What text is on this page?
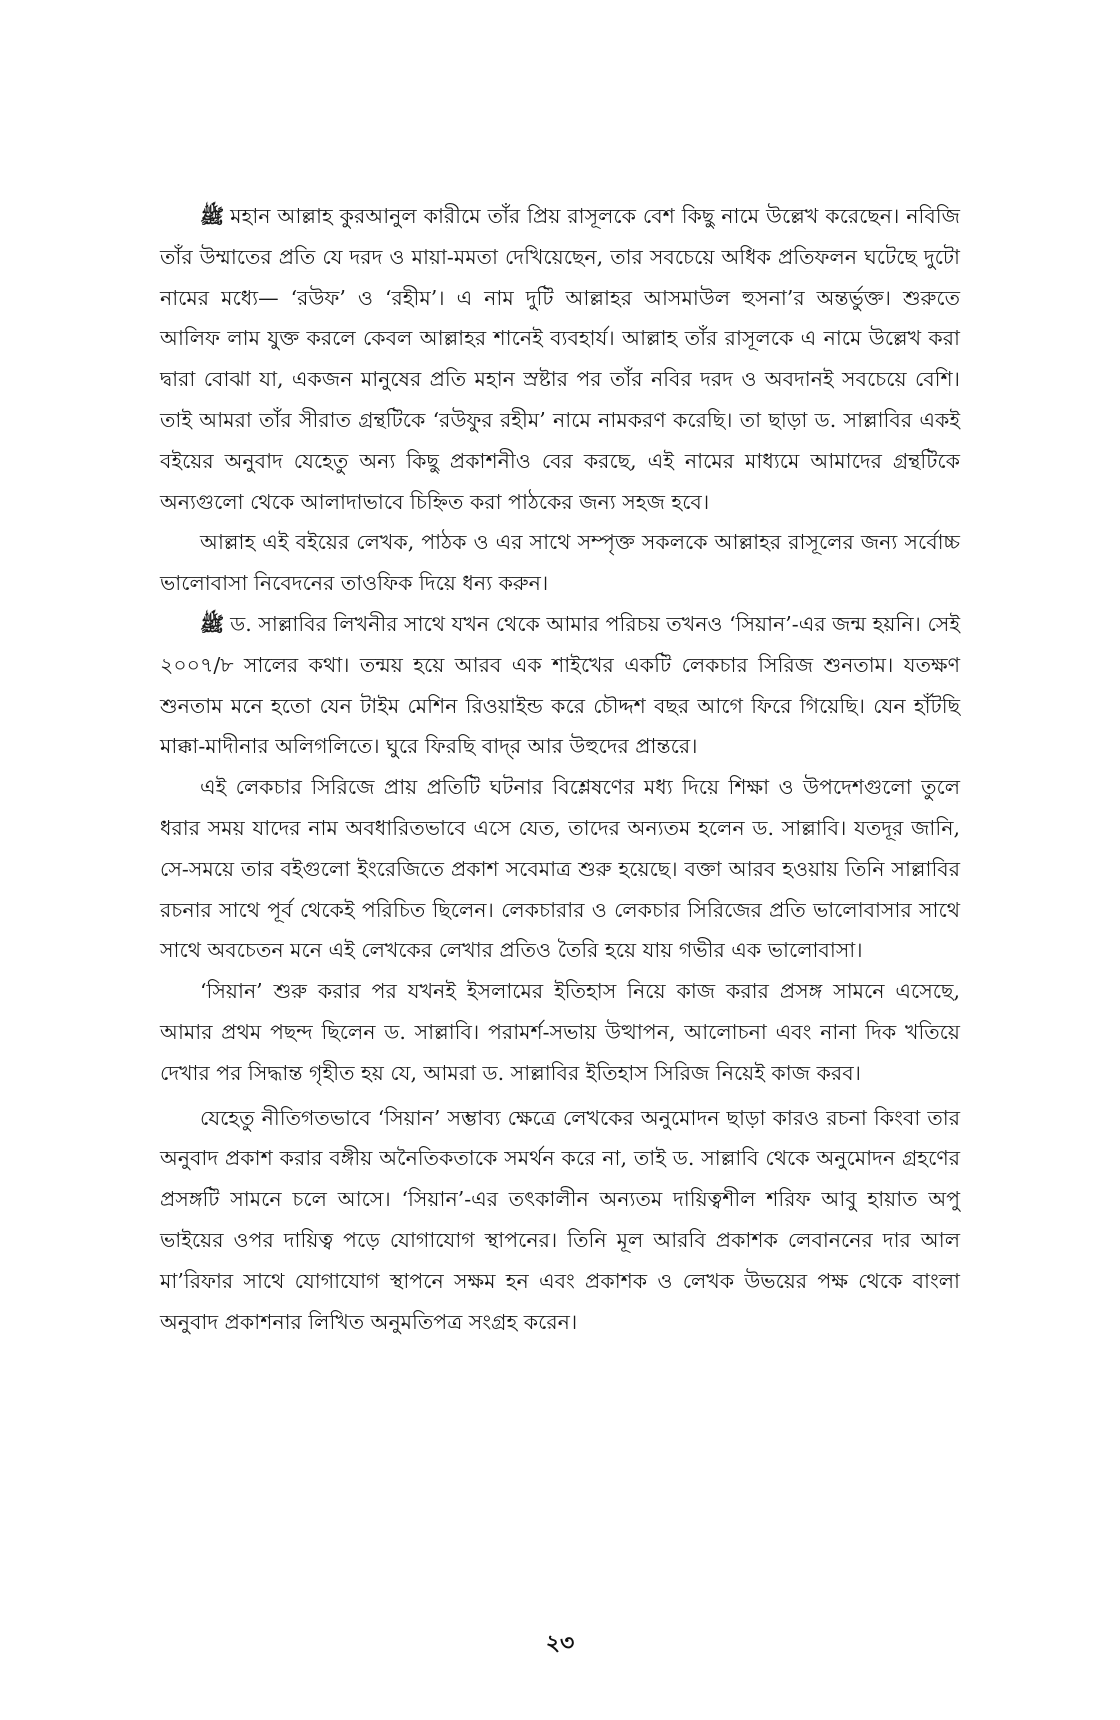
ﷺ মহান আল্লাহ কুরআনুল কারীমে তাঁর প্রিয় রাসূলকে বেশ কিছু নামে উল্লেখ করেছেন। নবিজি তাঁর উম্মাতের প্রতি যে দরদ ও মায়া-মমতা দেখিয়েছেন, তার সবচেয়ে অধিক প্রতিফলন ঘটেছে দুটো নামের মধ্যে— ‘রউফ’ ও ‘রহীম’। এ নাম দুটি আল্লাহর আসমাউল হুসনা’র অন্তর্ভুক্ত। শুরুতে আলিফ লাম যুক্ত করলে কেবল আল্লাহর শানেই ব্যবহার্য। আল্লাহ তাঁর রাসূলকে এ নামে উল্লেখ করা দ্বারা বোঝা যা, একজন মানুষের প্রতি মহান স্রষ্টার পর তাঁর নবির দরদ ও অবদানই সবচেয়ে বেশি। তাই আমরা তাঁর সীরাত গ্রন্থটিকে ‘রউফুর রহীম’ নামে নামকরণ করেছি। তা ছাড়া ড. সাল্লাবির একই বইয়ের অনুবাদ যেহেতু অন্য কিছু প্রকাশনীও বের করছে, এই নামের মাধ্যমে আমাদের গ্রন্থটিকে অন্যগুলো থেকে আলাদাভাবে চিহ্নিত করা পাঠকের জন্য সহজ হবে।

আল্লাহ এই বইয়ের লেখক, পাঠক ও এর সাথে সম্পৃক্ত সকলকে আল্লাহর রাসূলের জন্য সর্বোচ্চ ভালোবাসা নিবেদনের তাওফিক দিয়ে ধন্য করুন।

ﷺ ড. সাল্লাবির লিখনীর সাথে যখন থেকে আমার পরিচয় তখনও ‘সিয়ান’-এর জন্ম হয়নি। সেই ২০০৭/৮ সালের কথা। তন্ময় হয়ে আরব এক শাইখের একটি লেকচার সিরিজ শুনতাম। যতক্ষণ শুনতাম মনে হতো যেন টাইম মেশিন রিওয়াইন্ড করে চৌদ্দশ বছর আগে ফিরে গিয়েছি। যেন হাঁটছি মাক্কা-মাদীনার অলিগলিতে। ঘুরে ফিরছি বাদ্‌র আর উহুদের প্রান্তরে।

এই লেকচার সিরিজে প্রায় প্রতিটি ঘটনার বিশ্লেষণের মধ্য দিয়ে শিক্ষা ও উপদেশগুলো তুলে ধরার সময় যাদের নাম অবধারিতভাবে এসে যেত, তাদের অন্যতম হলেন ড. সাল্লাবি। যতদূর জানি, সে-সময়ে তার বইগুলো ইংরেজিতে প্রকাশ সবেমাত্র শুরু হয়েছে। বক্তা আরব হওয়ায় তিনি সাল্লাবির রচনার সাথে পূর্ব থেকেই পরিচিত ছিলেন। লেকচারার ও লেকচার সিরিজের প্রতি ভালোবাসার সাথে সাথে অবচেতন মনে এই লেখকের লেখার প্রতিও তৈরি হয়ে যায় গভীর এক ভালোবাসা।

‘সিয়ান’ শুরু করার পর যখনই ইসলামের ইতিহাস নিয়ে কাজ করার প্রসঙ্গ সামনে এসেছে, আমার প্রথম পছন্দ ছিলেন ড. সাল্লাবি। পরামর্শ-সভায় উত্থাপন, আলোচনা এবং নানা দিক খতিয়ে দেখার পর সিদ্ধান্ত গৃহীত হয় যে, আমরা ড. সাল্লাবির ইতিহাস সিরিজ নিয়েই কাজ করব।

যেহেতু নীতিগতভাবে ‘সিয়ান’ সম্ভাব্য ক্ষেত্রে লেখকের অনুমোদন ছাড়া কারও রচনা কিংবা তার অনুবাদ প্রকাশ করার বঙ্গীয় অনৈতিকতাকে সমর্থন করে না, তাই ড. সাল্লাবি থেকে অনুমোদন গ্রহণের প্রসঙ্গটি সামনে চলে আসে। ‘সিয়ান’-এর তৎকালীন অন্যতম দায়িত্বশীল শরিফ আবু হায়াত অপু ভাইয়ের ওপর দায়িত্ব পড়ে যোগাযোগ স্থাপনের। তিনি মূল আরবি প্রকাশক লেবাননের দার আল মা’রিফার সাথে যোগাযোগ স্থাপনে সক্ষম হন এবং প্রকাশক ও লেখক উভয়ের পক্ষ থেকে বাংলা অনুবাদ প্রকাশনার লিখিত অনুমতিপত্র সংগ্রহ করেন।

২৩
